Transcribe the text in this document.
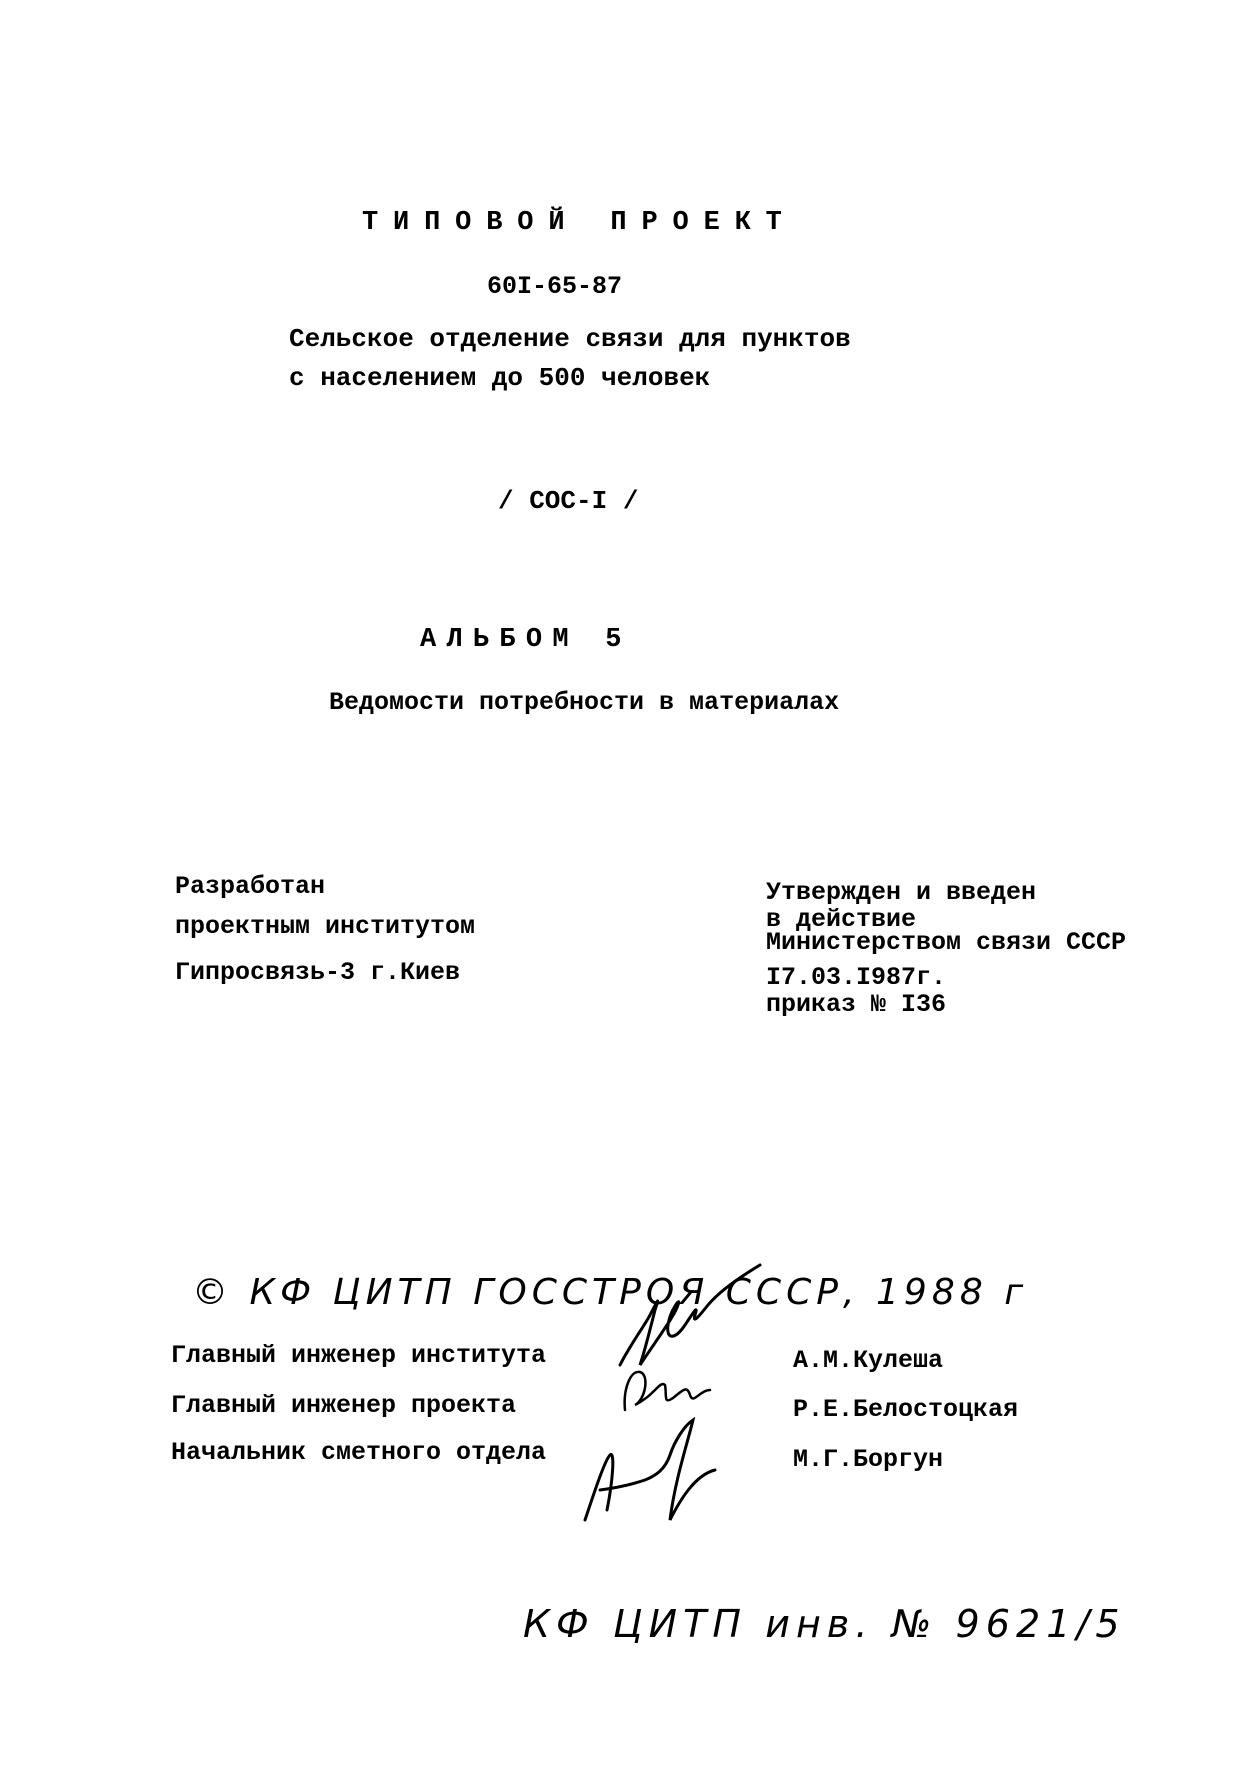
ТИПОВОЙ ПРОЕКТ
60I-65-87
Сельское отделение связи для пунктов
с населением до 500 человек
/ СОС-I /
АЛЬБОМ 5
Ведомости потребности в материалах
Разработан
проектным институтом
Гипросвязь-3 г.Киев
Утвержден и введен
в действие
Министерством связи СССР
I7.03.I987г.
приказ № I36
© КФ ЦИТП ГОССТРОЯ СССР, 1988 г
Главный инженер института	А.М.Кулеша
Главный инженер проекта	Р.Е.Белостоцкая
Начальник сметного отдела	М.Г.Боргун
КФ ЦИТП инв. № 9621/5
